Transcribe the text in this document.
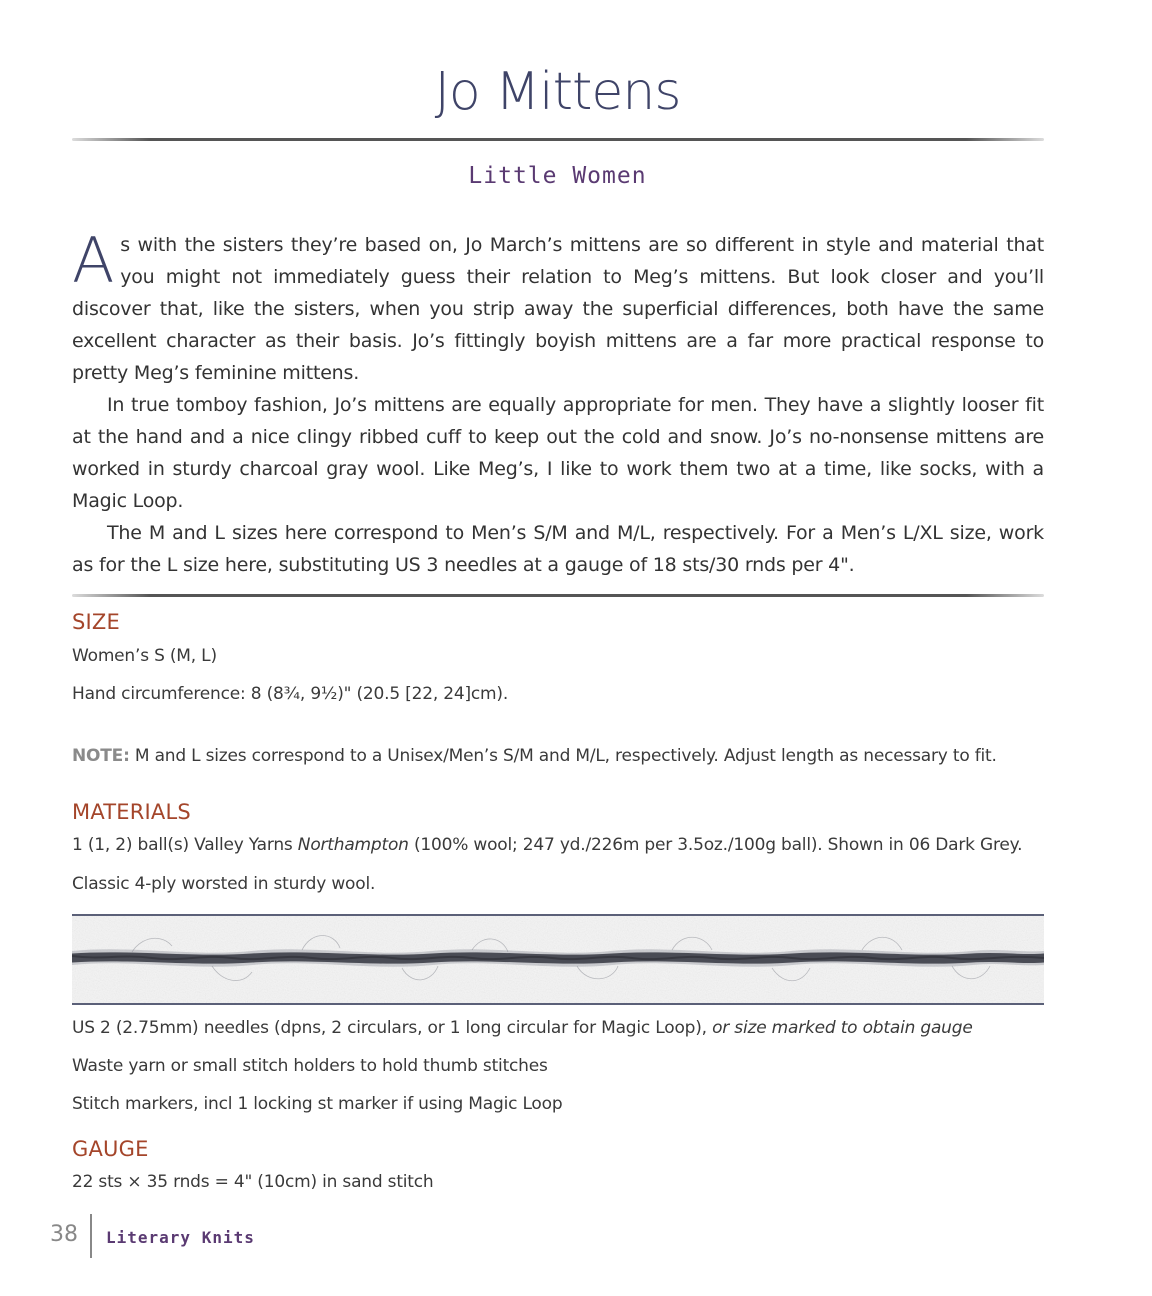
Jo Mittens
Little Women

As with the sisters they’re based on, Jo March’s mittens are so different in style and material that you might not immediately guess their relation to Meg’s mittens. But look closer and you’ll discover that, like the sisters, when you strip away the superficial differences, both have the same excellent character as their basis. Jo’s fittingly boyish mittens are a far more practical response to pretty Meg’s feminine mittens.

In true tomboy fashion, Jo’s mittens are equally appropriate for men. They have a slightly looser fit at the hand and a nice clingy ribbed cuff to keep out the cold and snow. Jo’s no-nonsense mittens are worked in sturdy charcoal gray wool. Like Meg’s, I like to work them two at a time, like socks, with a Magic Loop.

The M and L sizes here correspond to Men’s S/M and M/L, respectively. For a Men’s L/XL size, work as for the L size here, substituting US 3 needles at a gauge of 18 sts/30 rnds per 4".

SIZE
Women’s S (M, L)
Hand circumference: 8 (8¾, 9½)" (20.5 [22, 24]cm).
NOTE: M and L sizes correspond to a Unisex/Men’s S/M and M/L, respectively. Adjust length as necessary to fit.
MATERIALS
1 (1, 2) ball(s) Valley Yarns Northampton (100% wool; 247 yd./226m per 3.5oz./100g ball). Shown in 06 Dark Grey.
Classic 4-ply worsted in sturdy wool.
US 2 (2.75mm) needles (dpns, 2 circulars, or 1 long circular for Magic Loop), or size marked to obtain gauge
Waste yarn or small stitch holders to hold thumb stitches
Stitch markers, incl 1 locking st marker if using Magic Loop
GAUGE
22 sts × 35 rnds = 4" (10cm) in sand stitch
38 Literary Knits
